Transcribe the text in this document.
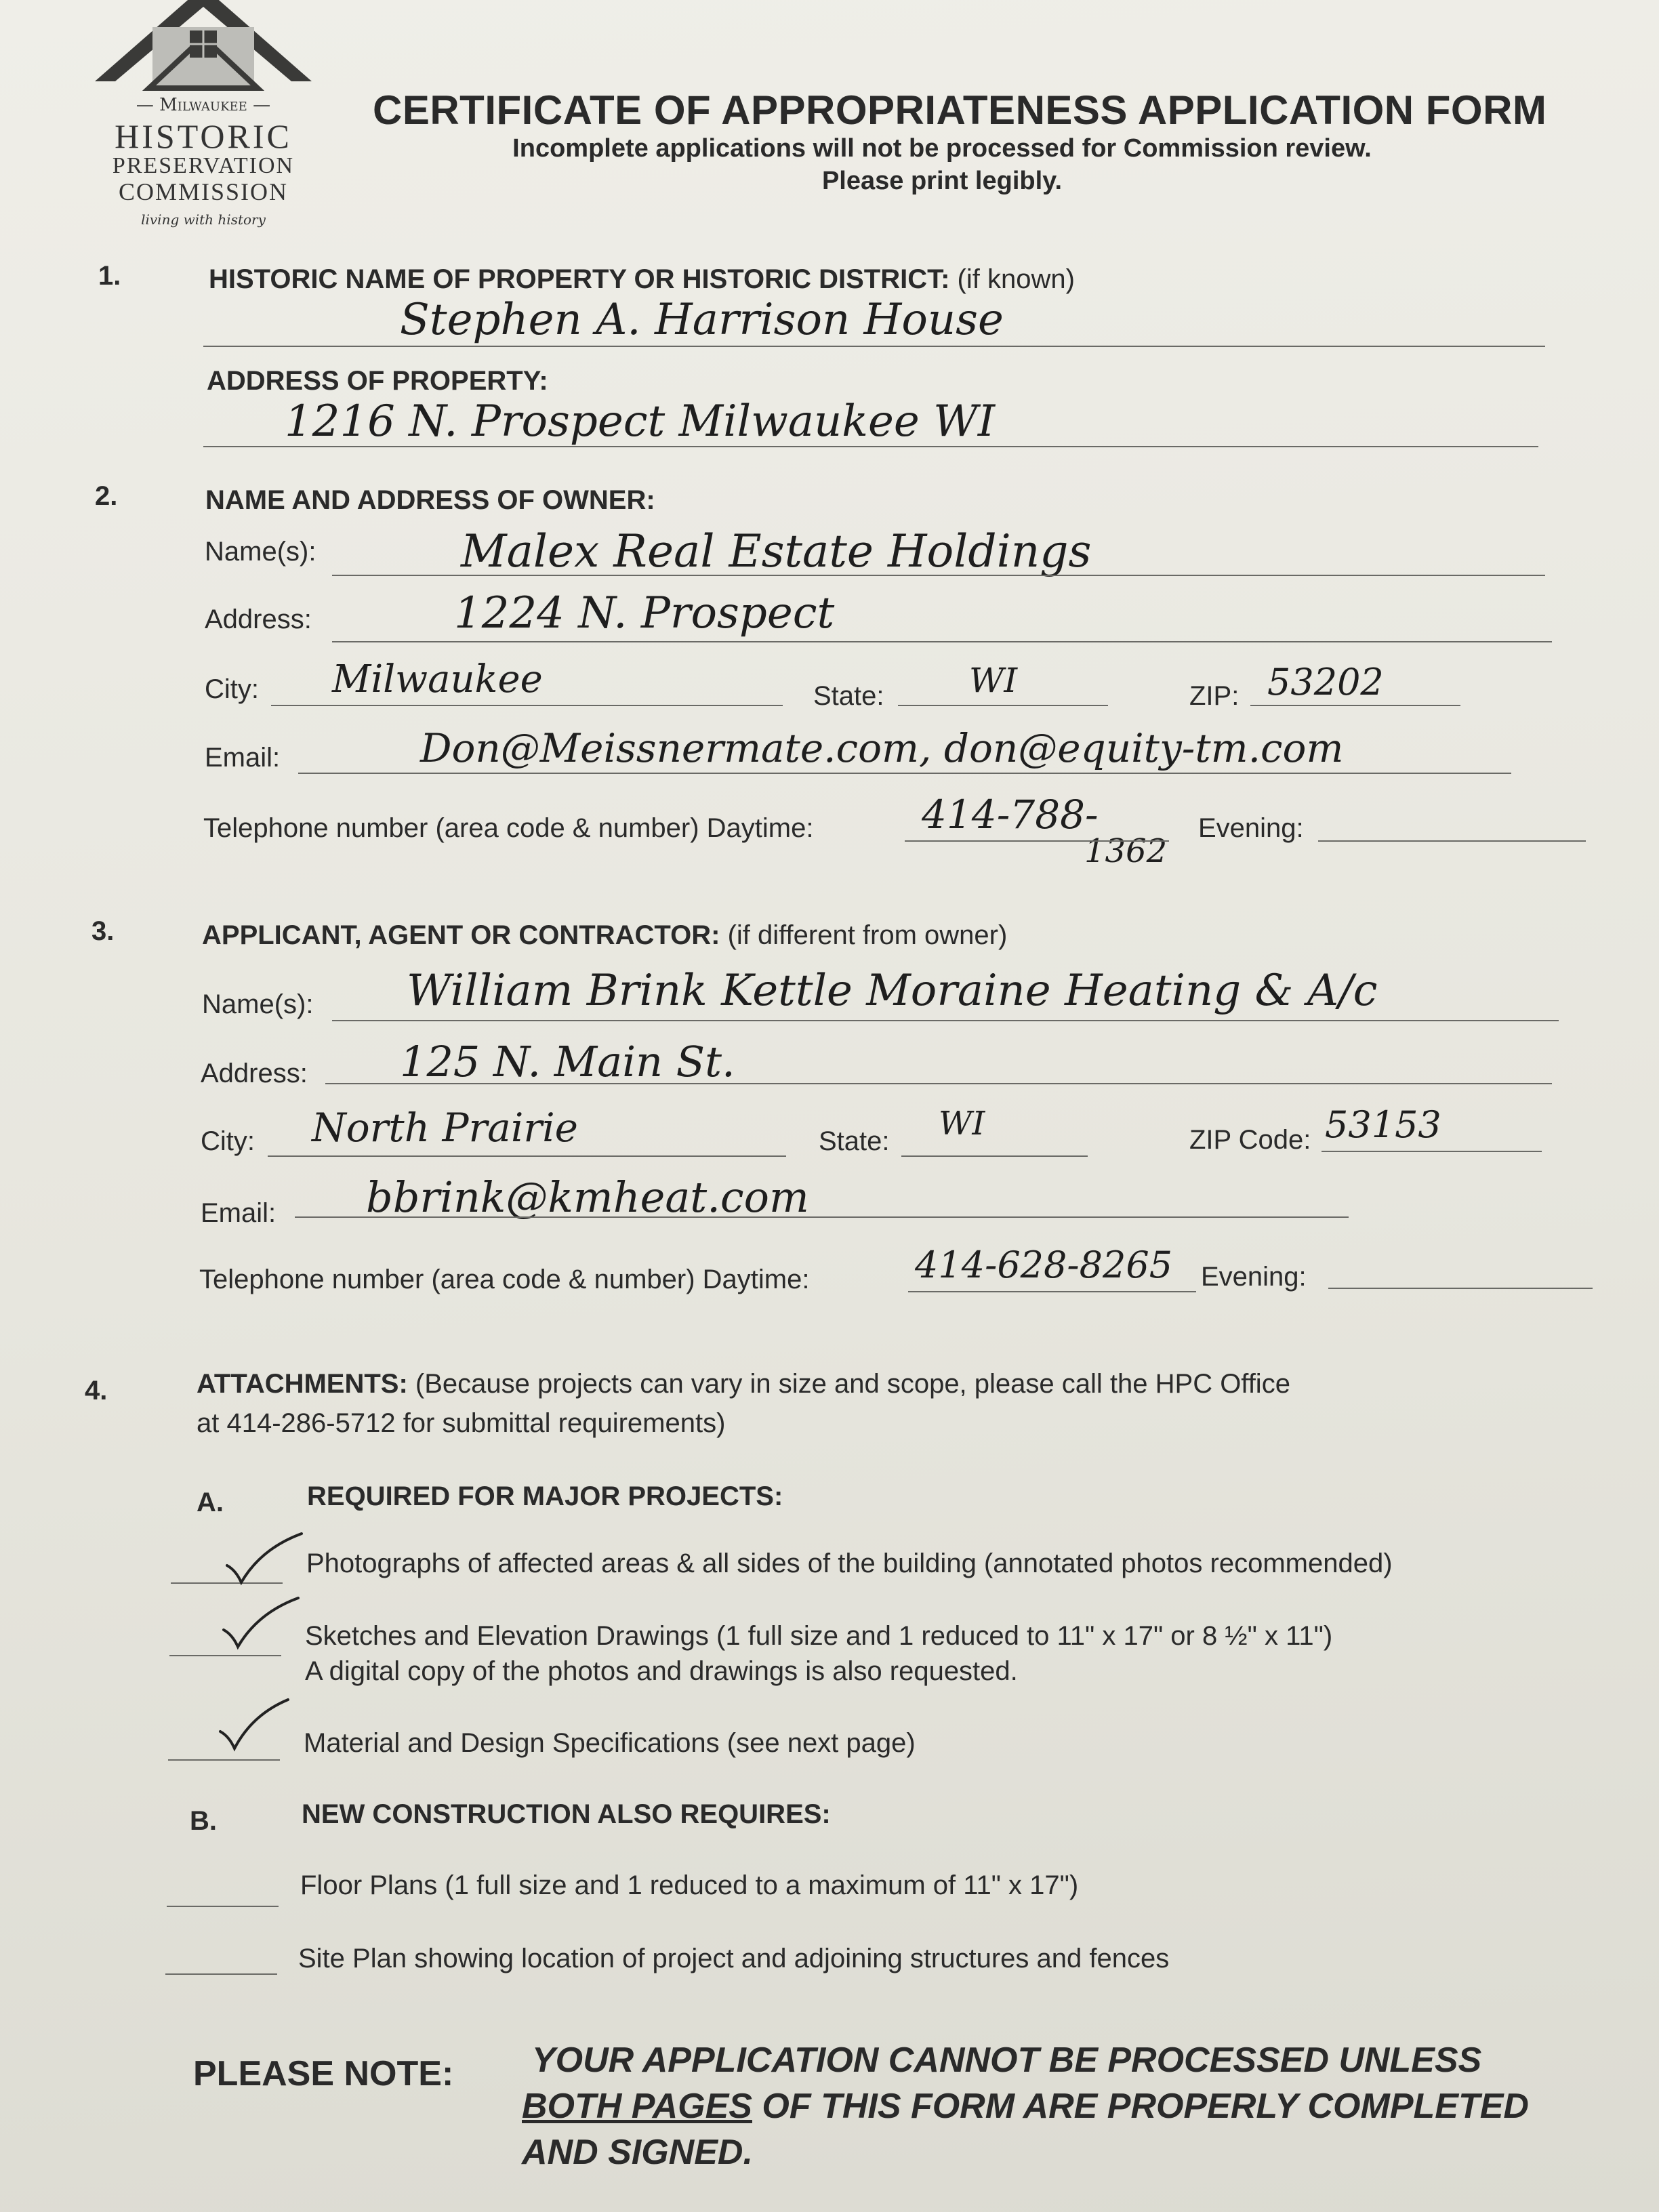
— Milwaukee —
HISTORIC
PRESERVATION
COMMISSION
living with history
CERTIFICATE OF APPROPRIATENESS APPLICATION FORM
Incomplete applications will not be processed for Commission review.
Please print legibly.
1.	HISTORIC NAME OF PROPERTY OR HISTORIC DISTRICT: (if known)
Stephen A. Harrison House
ADDRESS OF PROPERTY:
1216 N. Prospect Milwaukee WI
2.	NAME AND ADDRESS OF OWNER:
Name(s):	Malex Real Estate Holdings
Address:	1224 N. Prospect
City: Milwaukee	State:	WI	ZIP: 53202
Email:	Don@Meissnermate.com, don@equity-tm.com
Telephone number (area code & number) Daytime:	414-788-
1362
Evening:
3.	APPLICANT, AGENT OR CONTRACTOR: (if different from owner)
Name(s): William Brink Kettle Moraine Heating & A/c
Address: 125 N. Main St.
City: North Prairie	State: WI	ZIP Code: 53153
Email: bbrink@kmheat.com
Telephone number (area code & number) Daytime:	414-628-8265 Evening:
4.	ATTACHMENTS: (Because projects can vary in size and scope, please call the HPC Office
at 414-286-5712 for submittal requirements)
A.	REQUIRED FOR MAJOR PROJECTS:
Photographs of affected areas & all sides of the building (annotated photos recommended)
Sketches and Elevation Drawings (1 full size and 1 reduced to 11" x 17" or 8 ½" x 11")
A digital copy of the photos and drawings is also requested.
Material and Design Specifications (see next page)
B.	NEW CONSTRUCTION ALSO REQUIRES:
Floor Plans (1 full size and 1 reduced to a maximum of 11" x 17")
Site Plan showing location of project and adjoining structures and fences
PLEASE NOTE: YOUR APPLICATION CANNOT BE PROCESSED UNLESS
BOTH PAGES OF THIS FORM ARE PROPERLY COMPLETED
AND SIGNED.
